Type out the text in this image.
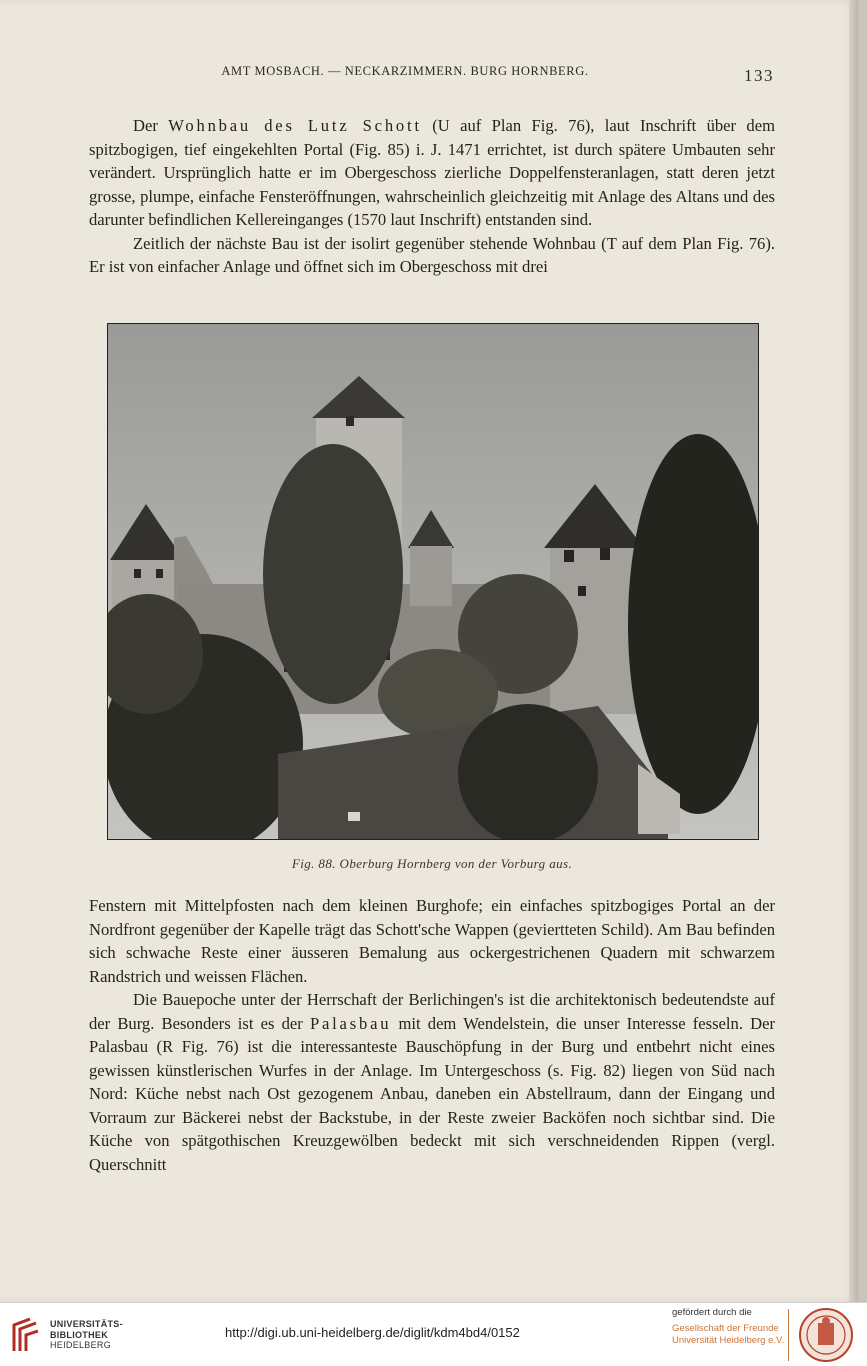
AMT MOSBACH. — NECKARZIMMERN. BURG HORNBERG.	133

Der Wohnbau des Lutz Schott (U auf Plan Fig. 76), laut Inschrift über dem spitzbogigen, tief eingekehlten Portal (Fig. 85) i. J. 1471 errichtet, ist durch spätere Umbauten sehr verändert. Ursprünglich hatte er im Obergeschoss zierliche Doppelfensteranlagen, statt deren jetzt grosse, plumpe, einfache Fensteröffnungen, wahrscheinlich gleichzeitig mit Anlage des Altans und des darunter befindlichen Kellereinganges (1570 laut Inschrift) entstanden sind.

Zeitlich der nächste Bau ist der isolirt gegenüber stehende Wohnbau (T auf dem Plan Fig. 76). Er ist von einfacher Anlage und öffnet sich im Obergeschoss mit drei

Fig. 88. Oberburg Hornberg von der Vorburg aus.

Fenstern mit Mittelpfosten nach dem kleinen Burghofe; ein einfaches spitzbogiges Portal an der Nordfront gegenüber der Kapelle trägt das Schott'sche Wappen (geviertteten Schild). Am Bau befinden sich schwache Reste einer äusseren Bemalung aus ockergestrichenen Quadern mit schwarzem Randstrich und weissen Flächen.

Die Bauepoche unter der Herrschaft der Berlichingen's ist die architektonisch bedeutendste auf der Burg. Besonders ist es der Palasbau mit dem Wendelstein, die unser Interesse fesseln. Der Palasbau (R Fig. 76) ist die interessanteste Bauschöpfung in der Burg und entbehrt nicht eines gewissen künstlerischen Wurfes in der Anlage. Im Untergeschoss (s. Fig. 82) liegen von Süd nach Nord: Küche nebst nach Ost gezogenem Anbau, daneben ein Abstellraum, dann der Eingang und Vorraum zur Bäckerei nebst der Backstube, in der Reste zweier Backöfen noch sichtbar sind. Die Küche von spätgothischen Kreuzgewölben bedeckt mit sich verschneidenden Rippen (vergl. Querschnitt

UNIVERSITÄTS-
BIBLIOTHEK
HEIDELBERG
http://digi.ub.uni-heidelberg.de/diglit/kdm4bd4/0152
gefördert durch die
Gesellschaft der Freunde
Universität Heidelberg e.V.
